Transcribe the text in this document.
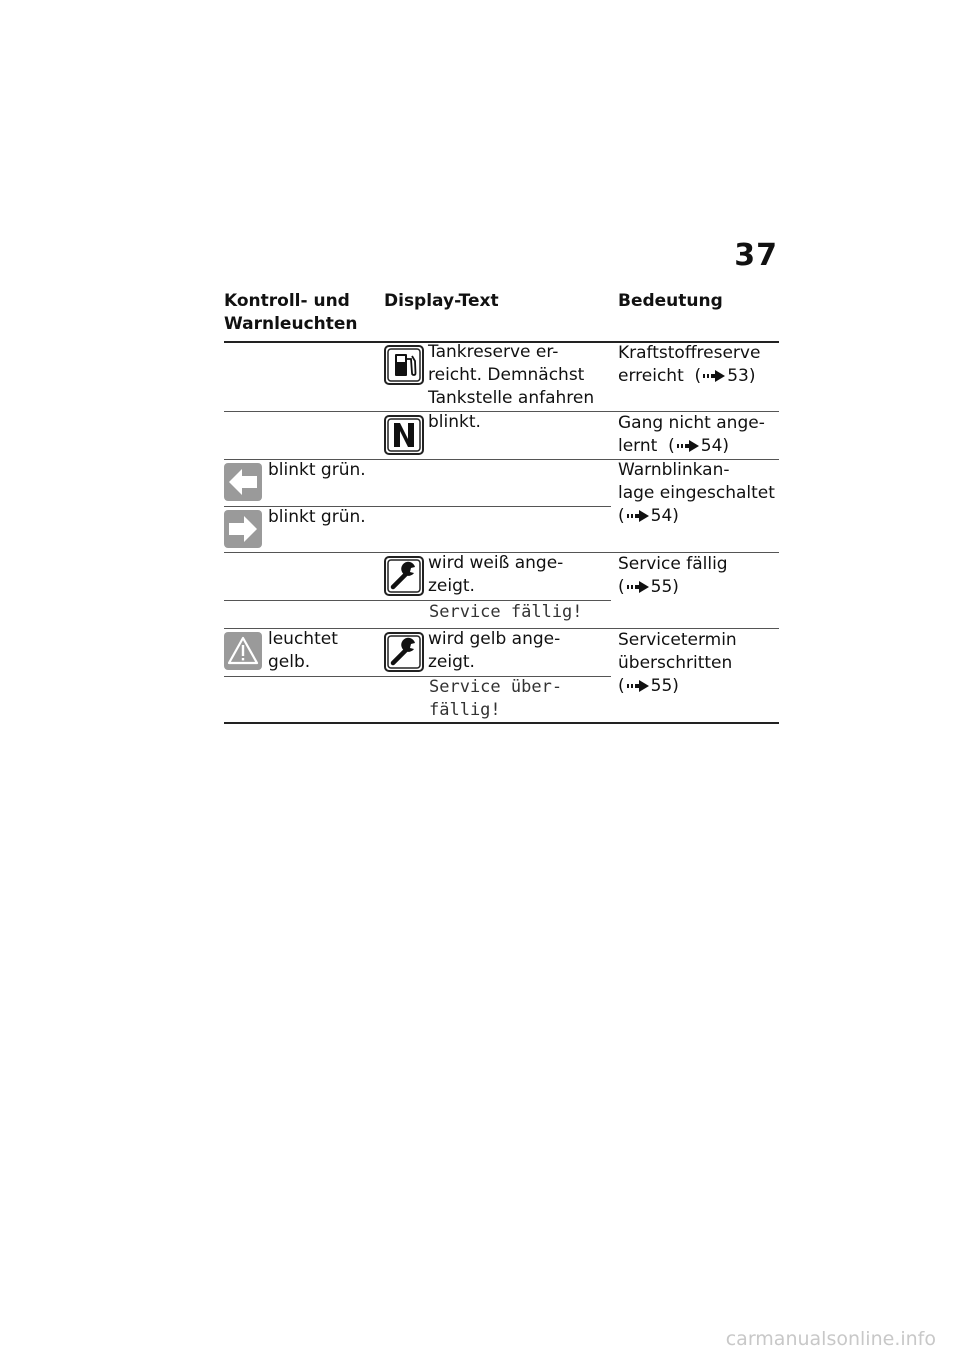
37
Kontroll- und
Warnleuchten
Display-Text	Bedeutung
Tankreserve er-
reicht. Demnächst
Tankstelle anfahren
Kraftstoffreserve
erreicht  ( 53)
blinkt.	Gang nicht ange-
lernt  ( 54)
blinkt grün.
blinkt grün.
Warnblinkan-
lage eingeschaltet
( 54)
wird weiß ange-
zeigt.
Service fällig
( 55)
Service fällig!
leuchtet
gelb.
wird gelb ange-
zeigt.
Servicetermin
überschritten
( 55)
Service über-
fällig!
carmanualsonline.info
